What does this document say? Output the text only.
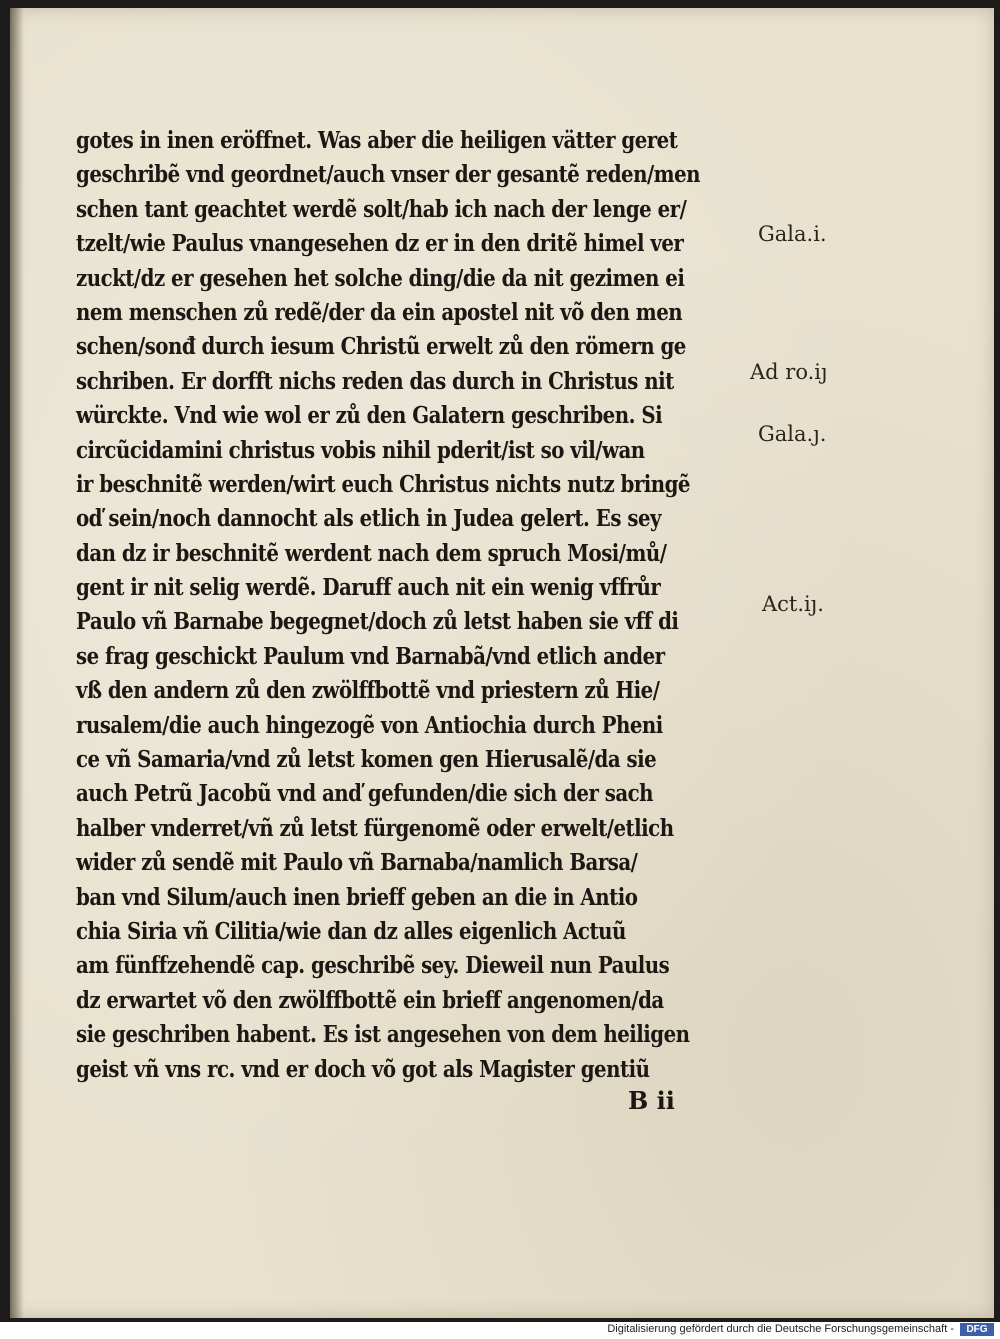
gotes in inen eröffnet. Was aber die heiligen vätter geret
geschribẽ vnd geordnet/auch vnser der gesantẽ reden/men
schen tant geachtet werdẽ solt/hab ich nach der lenge er/
tzelt/wie Paulus vnangesehen dz er in den dritẽ himel ver
zuckt/dz er gesehen het solche ding/die da nit gezimen ei
nem menschen zů redẽ/der da ein apostel nit võ den men
schen/sonđ durch iesum Christũ erwelt zů den römern ge
schriben. Er dorfft nichs reden das durch in Christus nit
würckte. Vnd wie wol er zů den Galatern geschriben. Si
circũcidamini christus vobis nihil pderit/ist so vil/wan
ir beschnitẽ werden/wirt euch Christus nichts nutz bringẽ
oď sein/noch dannocht als etlich in Judea gelert. Es sey
dan dz ir beschnitẽ werdent nach dem spruch Mosi/mů/
gent ir nit selig werdẽ. Daruff auch nit ein wenig vffrůr
Paulo vñ Barnabe begegnet/doch zů letst haben sie vff di
se frag geschickt Paulum vnd Barnabã/vnd etlich ander
vß den andern zů den zwölffbottẽ vnd priestern zů Hie/
rusalem/die auch hingezogẽ von Antiochia durch Pheni
ce vñ Samaria/vnd zů letst komen gen Hierusalẽ/da sie
auch Petrũ Jacobũ vnd anď gefunden/die sich der sach
halber vnderret/vñ zů letst fürgenomẽ oder erwelt/etlich
wider zů sendẽ mit Paulo vñ Barnaba/namlich Barsa/
ban vnd Silum/auch inen brieff geben an die in Antio
chia Siria vñ Cilitia/wie dan dz alles eigenlich Actuũ
am fünffzehendẽ cap. geschribẽ sey. Dieweil nun Paulus
dz erwartet võ den zwölffbottẽ ein brieff angenomen/da
sie geschriben habent. Es ist angesehen von dem heiligen
geist vñ vns rc. vnd er doch võ got als Magister gentiũ
Gala.i.
Ad ro.iȷ
Gala.ȷ.
Act.iȷ.
B ii
Digitalisierung gefördert durch die Deutsche Forschungsgemeinschaft -	DFG
